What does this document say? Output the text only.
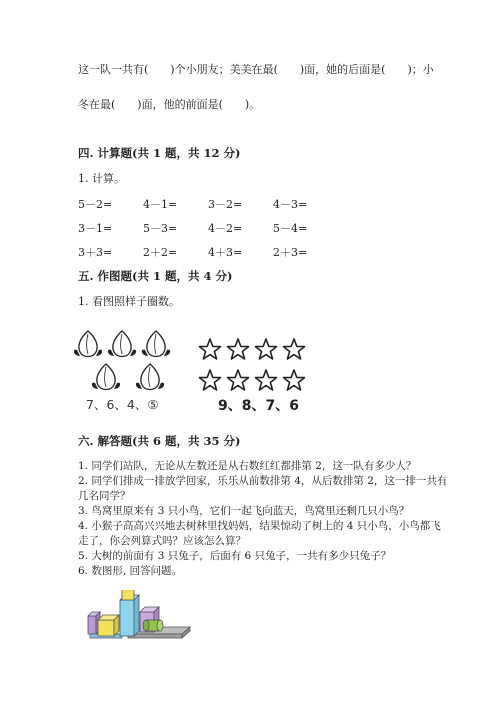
这一队一共有(　　)个小朋友；美美在最(　　)面，她的后面是(　　)；小
冬在最(　　)面，他的前面是(　　)。
四. 计算题(共 1 题，共 12 分)
1. 计算。
5－2=	4－1=	3－2=	4－3=
3－1=	5－3=	4－2=	5－4=
3＋3=	2＋2=	4＋3=	2＋3=
五. 作图题(共 1 题，共 4 分)
1. 看图照样子圈数。
7、6、4、⑤	9、8、7、6
六. 解答题(共 6 题，共 35 分)
1. 同学们站队，无论从左数还是从右数红红都排第 2，这一队有多少人？
2. 同学们排成一排放学回家，乐乐从前数排第 4，从后数排第 2，这一排一共有
几名同学？
3. 鸟窝里原来有 3 只小鸟，它们一起飞向蓝天，鸟窝里还剩几只小鸟？
4. 小猴子高高兴兴地去树林里找妈妈，结果惊动了树上的 4 只小鸟，小鸟都飞
走了，你会列算式吗？应该怎么算？
5. 大树的前面有 3 只兔子，后面有 6 只兔子，一共有多少只兔子？
6. 数图形, 回答问题。
